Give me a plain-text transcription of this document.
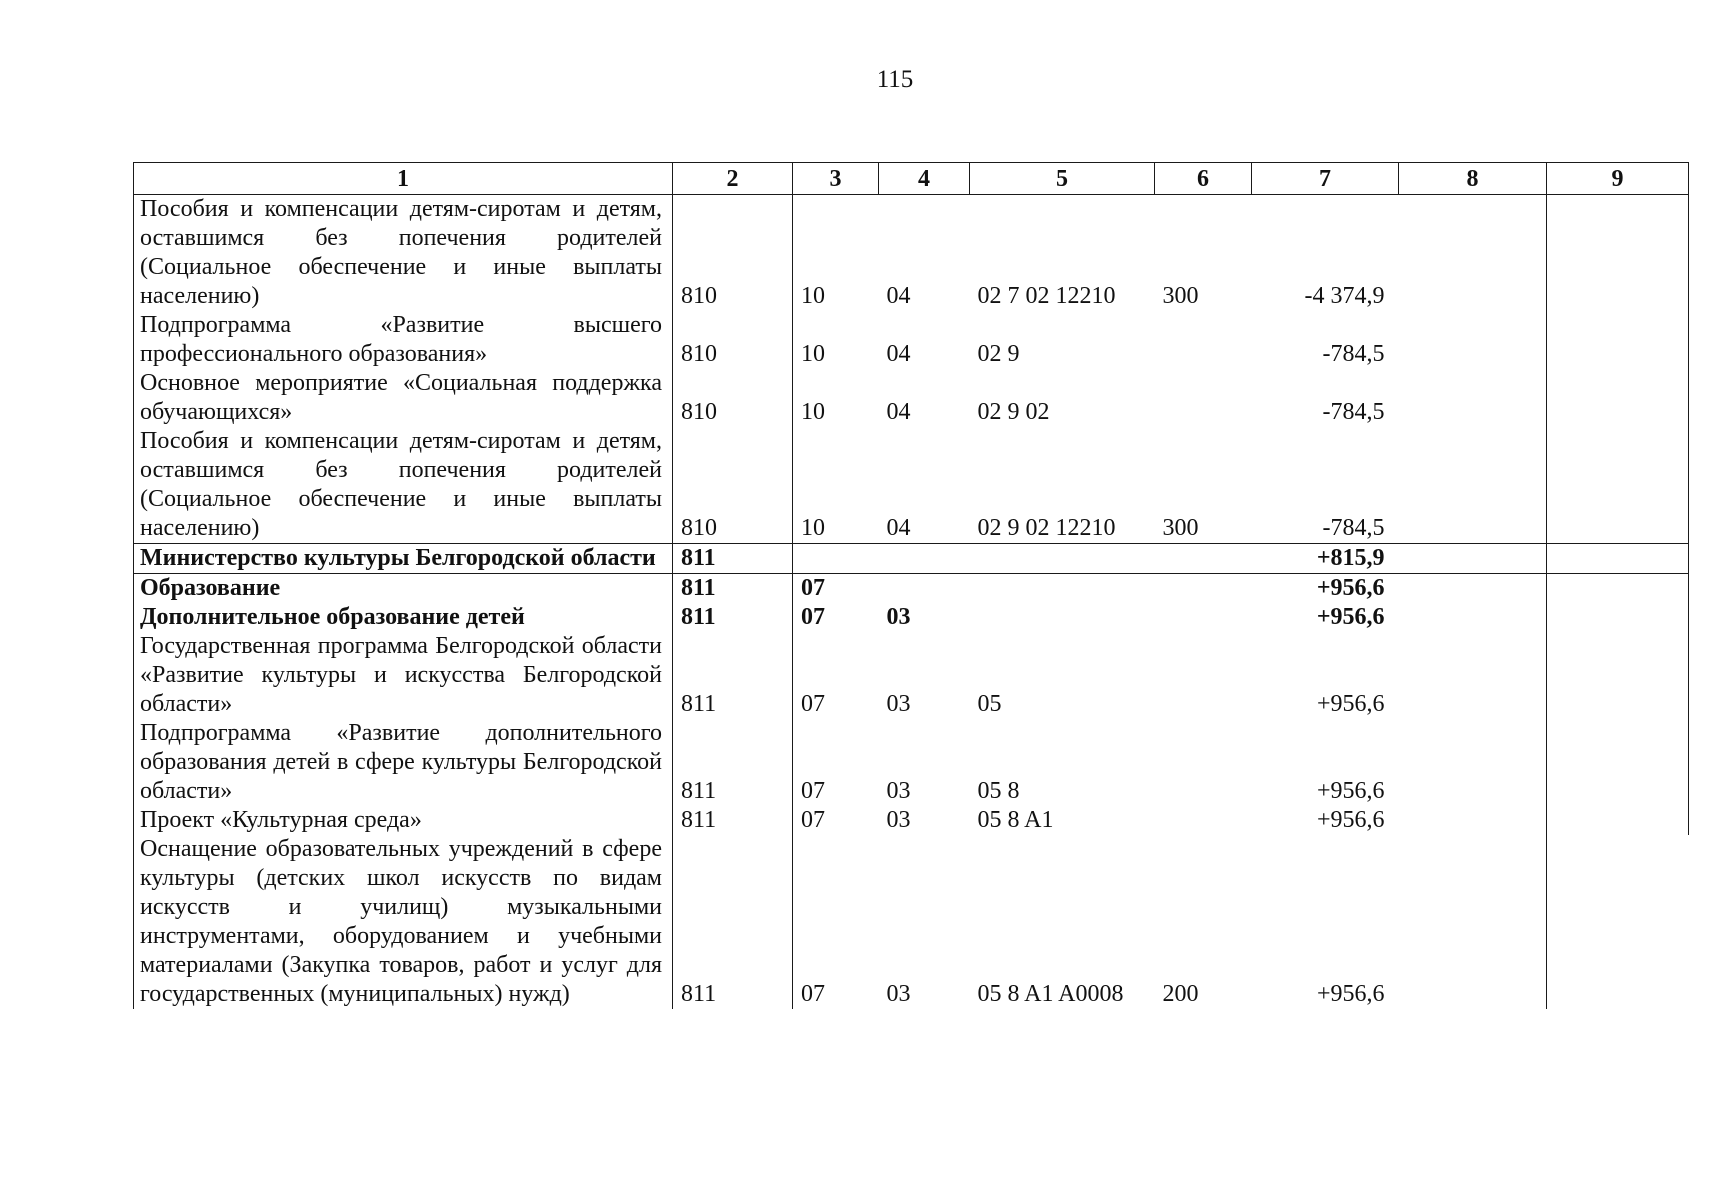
115
1	2	3	4	5	6	7	8	9
Пособия и компенсации детям-сиротам и детям, оставшимся без попечения родителей (Социальное обеспечение и иные выплаты населению)	810	10	04	02 7 02 12210	300	-4 374,9		
Подпрограмма «Развитие высшего профессионального образования»	810	10	04	02 9		-784,5		
Основное мероприятие «Социальная поддержка обучающихся»	810	10	04	02 9 02		-784,5		
Пособия и компенсации детям-сиротам и детям, оставшимся без попечения родителей (Социальное обеспечение и иные выплаты населению)	810	10	04	02 9 02 12210	300	-784,5		
Министерство культуры Белгородской области	811					+815,9		
Образование	811	07				+956,6		
Дополнительное образование детей	811	07	03			+956,6		
Государственная программа Белгородской области «Развитие культуры и искусства Белгородской области»	811	07	03	05		+956,6		
Подпрограмма «Развитие дополнительного образования детей в сфере культуры Белгородской области»	811	07	03	05 8		+956,6		
Проект «Культурная среда»	811	07	03	05 8 A1		+956,6		
Оснащение образовательных учреждений в сфере культуры (детских школ искусств по видам искусств и училищ) музыкальными инструментами, оборудованием и учебными материалами (Закупка товаров, работ и услуг для государственных (муниципальных) нужд)	811	07	03	05 8 A1 A0008	200	+956,6		
